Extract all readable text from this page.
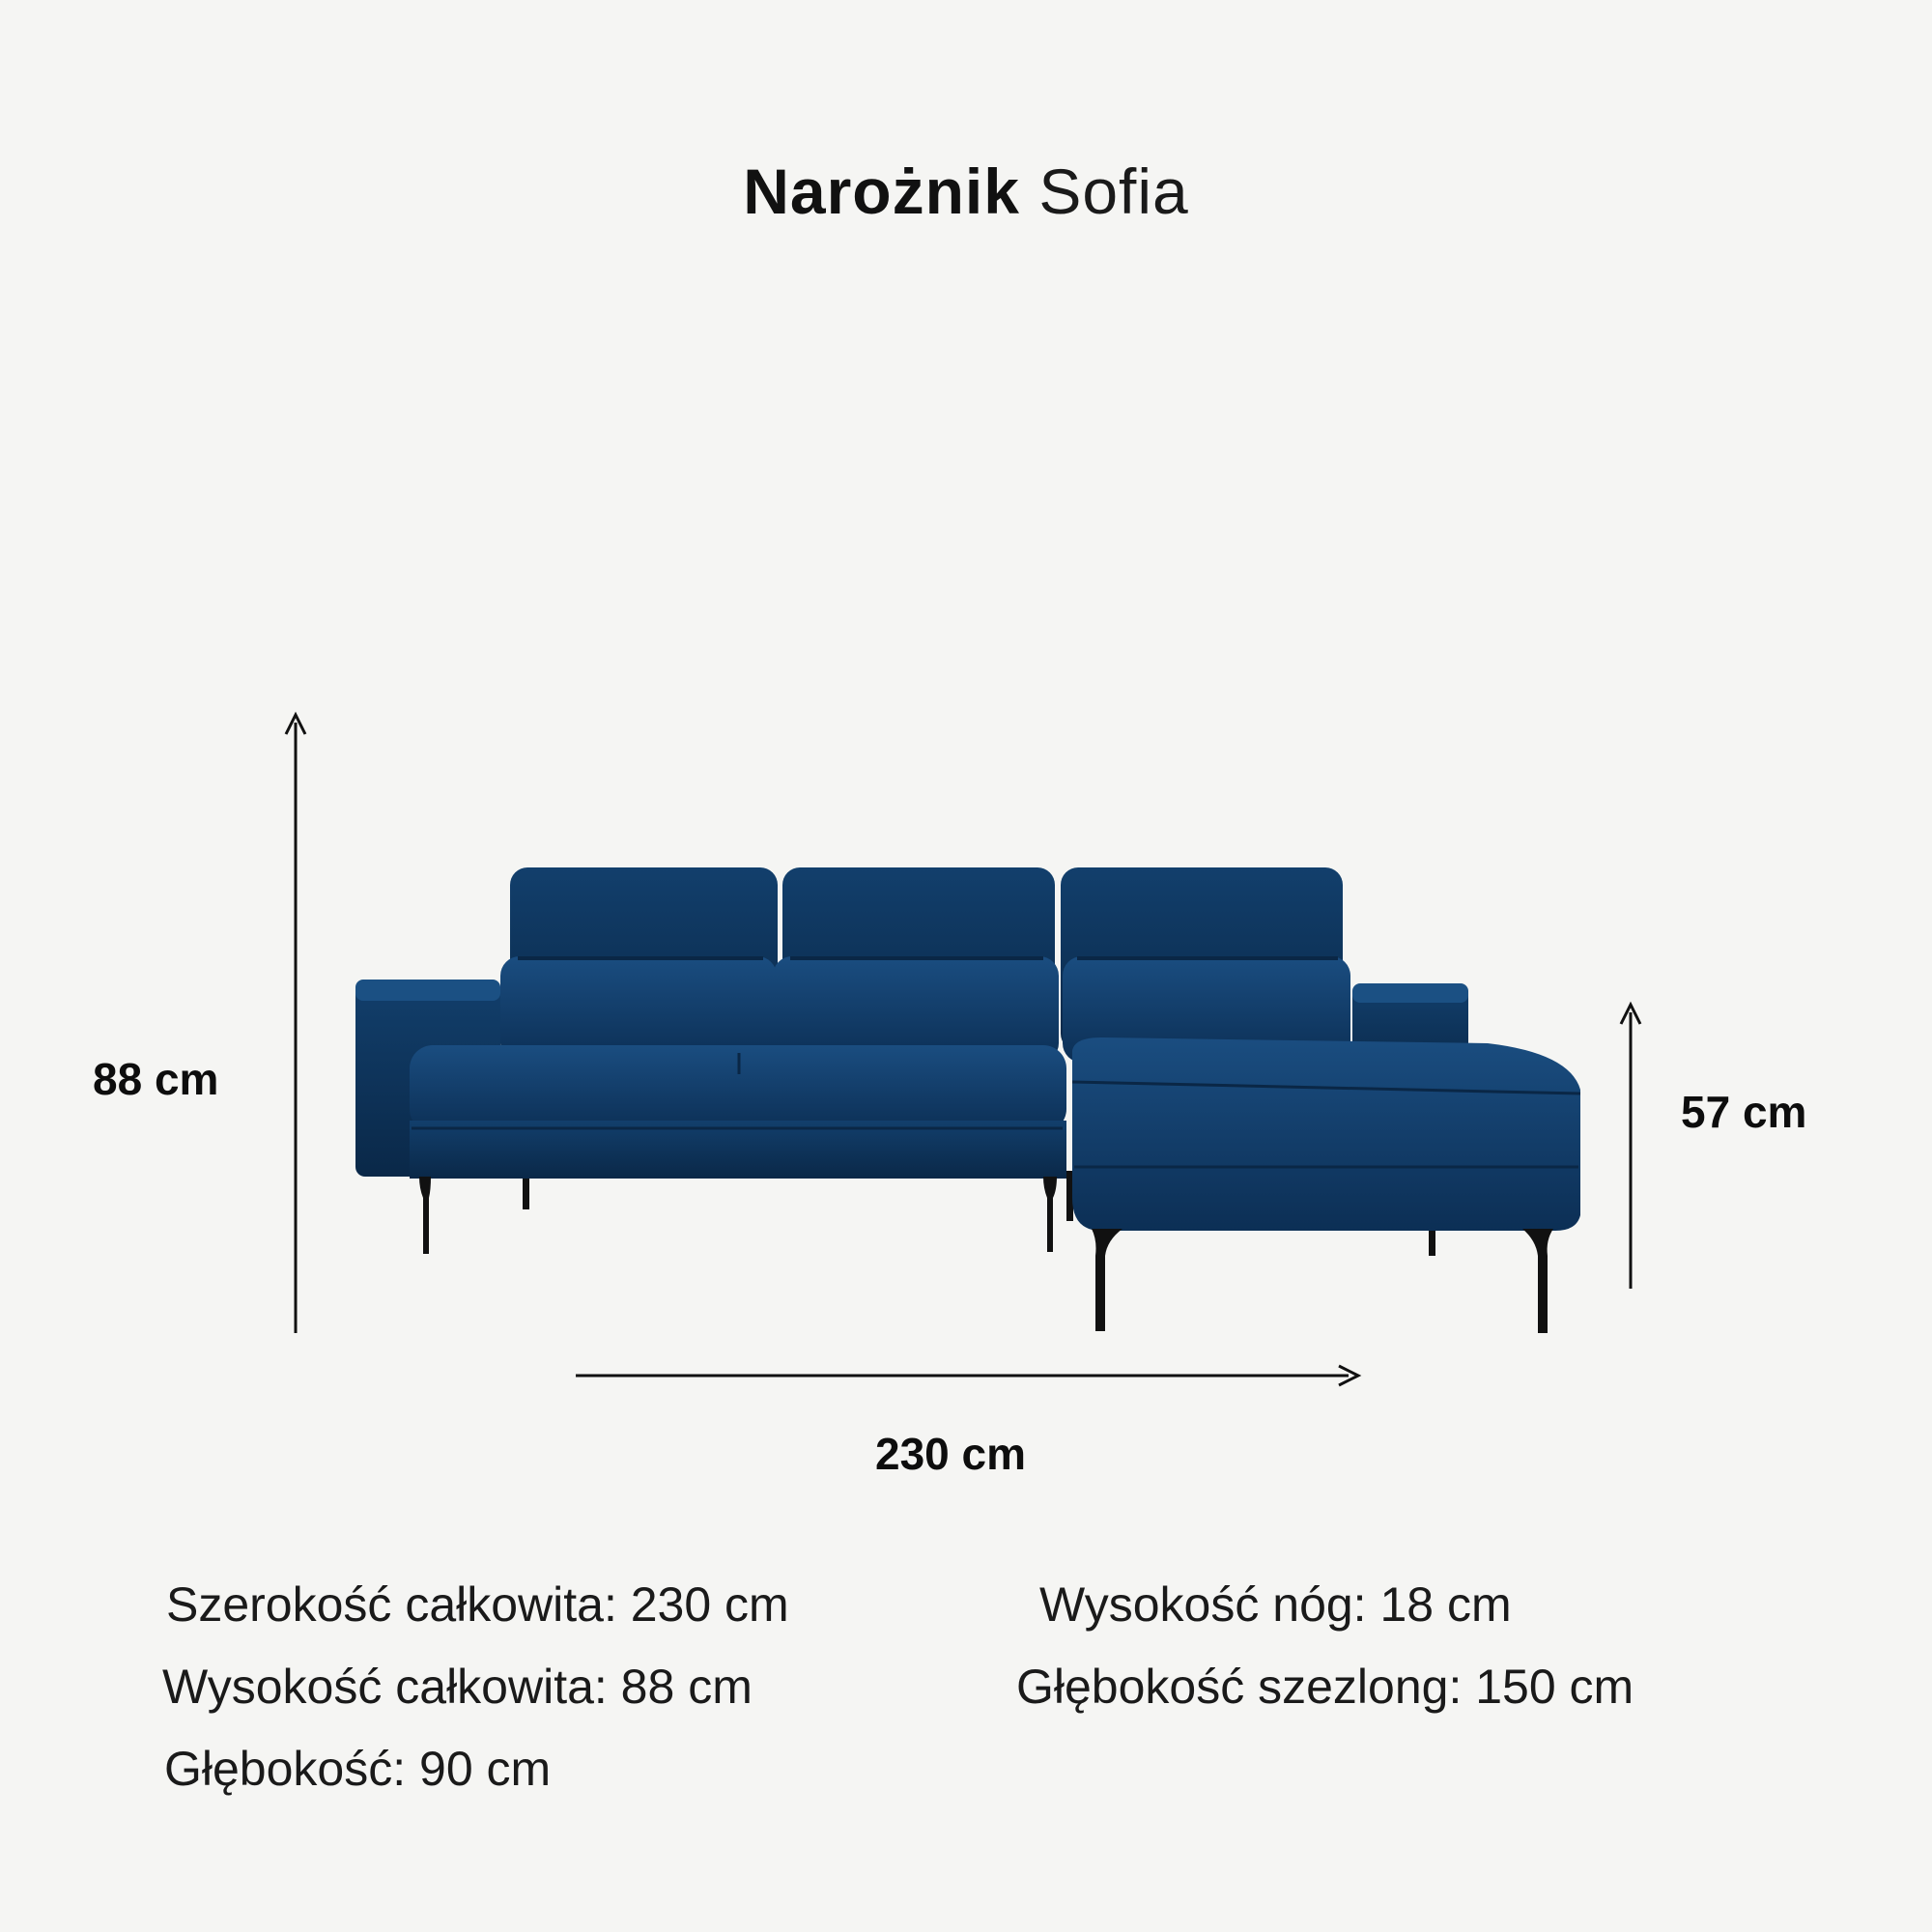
Narożnik Sofia
88 cm
57 cm
230 cm
Szerokość całkowita: 230 cm	Wysokość nóg: 18 cm
Wysokość całkowita: 88 cm	Głębokość szezlong: 150 cm
Głębokość: 90 cm
